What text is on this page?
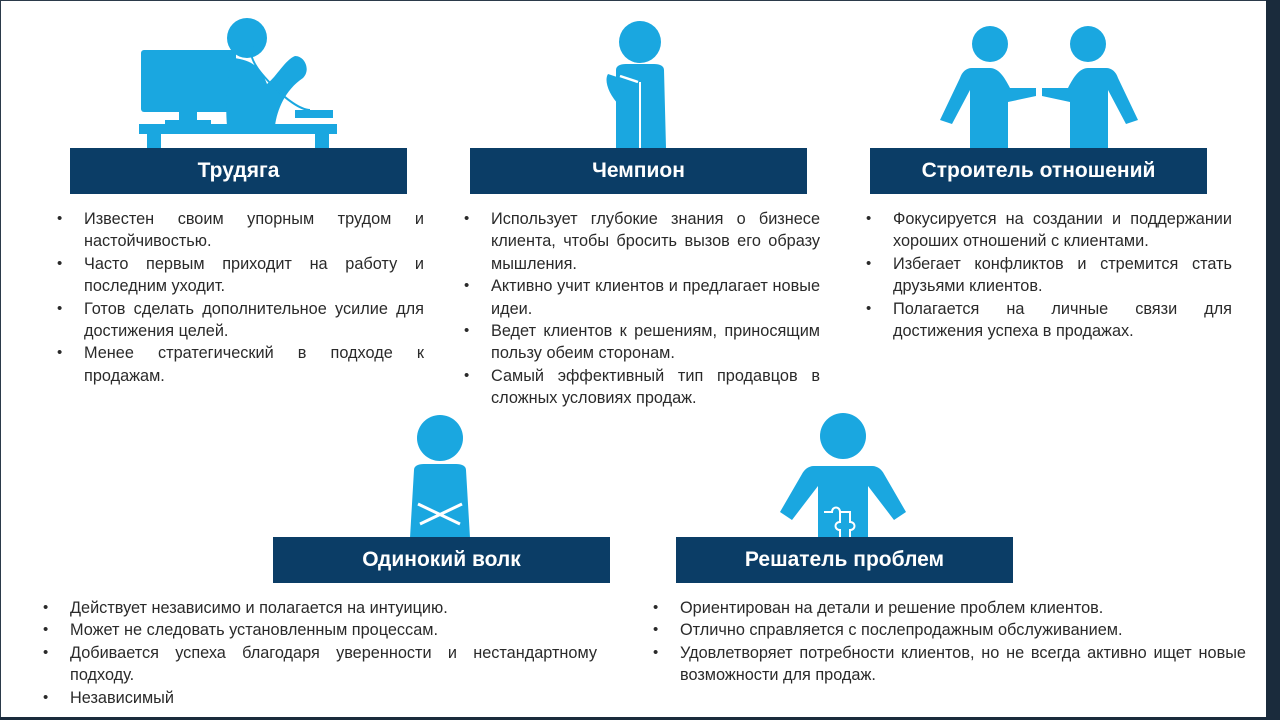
Трудяга
• Известен своим упорным трудом и настойчивостью.
• Часто первым приходит на работу и последним уходит.
• Готов сделать дополнительное усилие для достижения целей.
• Менее стратегический в подходе к продажам.
Чемпион
• Использует глубокие знания о бизнесе клиента, чтобы бросить вызов его образу мышления.
• Активно учит клиентов и предлагает новые идеи.
• Ведет клиентов к решениям, приносящим пользу обеим сторонам.
• Самый эффективный тип продавцов в сложных условиях продаж.
Строитель отношений
• Фокусируется на создании и поддержании хороших отношений с клиентами.
• Избегает конфликтов и стремится стать друзьями клиентов.
• Полагается на личные связи для достижения успеха в продажах.
Одинокий волк
• Действует независимо и полагается на интуицию.
• Может не следовать установленным процессам.
• Добивается успеха благодаря уверенности и нестандартному подходу.
• Независимый
Решатель проблем
• Ориентирован на детали и решение проблем клиентов.
• Отлично справляется с послепродажным обслуживанием.
• Удовлетворяет потребности клиентов, но не всегда активно ищет новые возможности для продаж.
